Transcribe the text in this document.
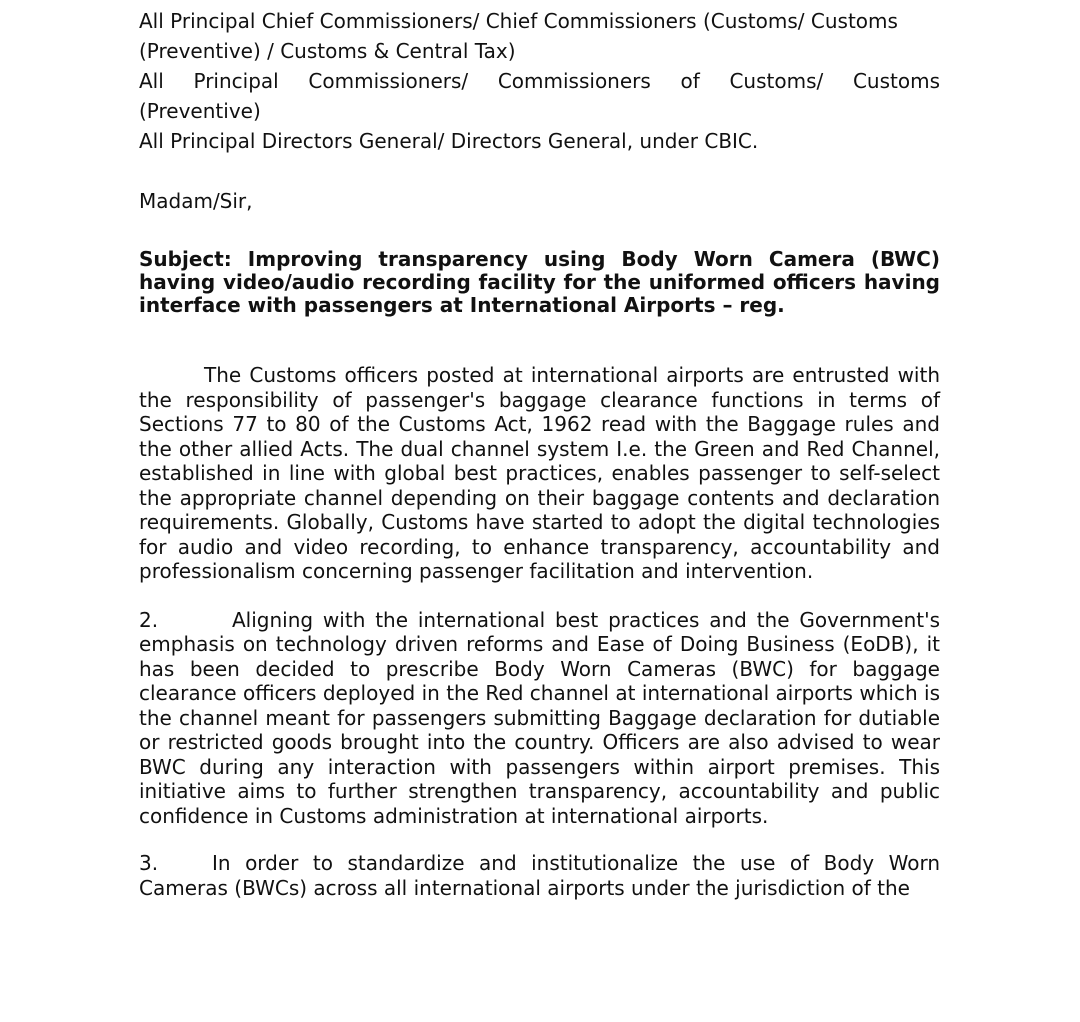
All Principal Chief Commissioners/ Chief Commissioners (Customs/ Customs

(Preventive) / Customs & Central Tax)

All Principal Commissioners/ Commissioners of Customs/ Customs

(Preventive)

All Principal Directors General/ Directors General, under CBIC.

Madam/Sir,

Subject: Improving transparency using Body Worn Camera (BWC) having video/audio recording facility for the uniformed officers having interface with passengers at International Airports – reg.

The Customs officers posted at international airports are entrusted with the responsibility of passenger's baggage clearance functions in terms of Sections 77 to 80 of the Customs Act, 1962 read with the Baggage rules and the other allied Acts. The dual channel system I.e. the Green and Red Channel, established in line with global best practices, enables passenger to self-select the appropriate channel depending on their baggage contents and declaration requirements. Globally, Customs have started to adopt the digital technologies for audio and video recording, to enhance transparency, accountability and professionalism concerning passenger facilitation and intervention.

2.	Aligning with the international best practices and the Government's emphasis on technology driven reforms and Ease of Doing Business (EoDB), it has been decided to prescribe Body Worn Cameras (BWC) for baggage clearance officers deployed in the Red channel at international airports which is the channel meant for passengers submitting Baggage declaration for dutiable or restricted goods brought into the country. Officers are also advised to wear BWC during any interaction with passengers within airport premises. This initiative aims to further strengthen transparency, accountability and public confidence in Customs administration at international airports.

3.	In order to standardize and institutionalize the use of Body Worn Cameras (BWCs) across all international airports under the jurisdiction of the
